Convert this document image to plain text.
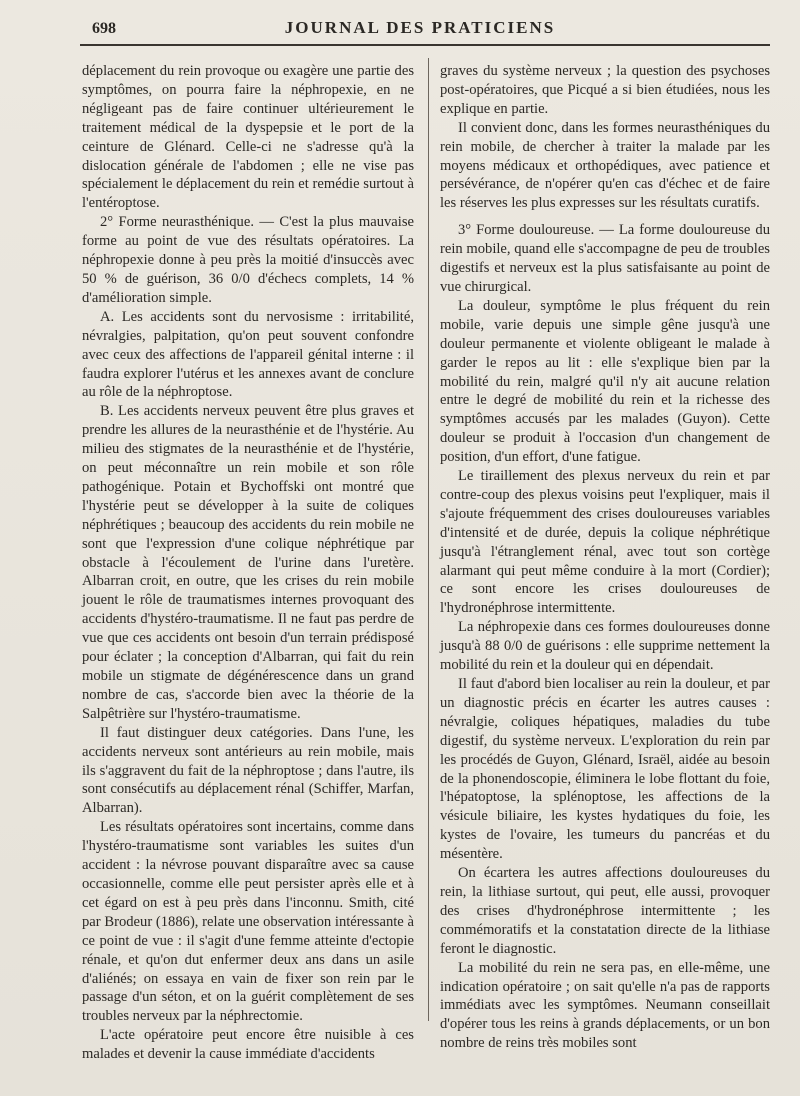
698	JOURNAL DES PRATICIENS

déplacement du rein provoque ou exagère une partie des symptômes, on pourra faire la néphropexie, en ne négligeant pas de faire continuer ultérieurement le traitement médical de la dyspepsie et le port de la ceinture de Glénard. Celle-ci ne s'adresse qu'à la dislocation générale de l'abdomen ; elle ne vise pas spécialement le déplacement du rein et remédie surtout à l'entéroptose.

2° Forme neurasthénique. — C'est la plus mauvaise forme au point de vue des résultats opératoires. La néphropexie donne à peu près la moitié d'insuccès avec 50 % de guérison, 36 0/0 d'échecs complets, 14 % d'amélioration simple.

A. Les accidents sont du nervosisme : irritabilité, névralgies, palpitation, qu'on peut souvent confondre avec ceux des affections de l'appareil génital interne : il faudra explorer l'utérus et les annexes avant de conclure au rôle de la néphroptose.

B. Les accidents nerveux peuvent être plus graves et prendre les allures de la neurasthénie et de l'hystérie. Au milieu des stigmates de la neurasthénie et de l'hystérie, on peut méconnaître un rein mobile et son rôle pathogénique. Potain et Bychoffski ont montré que l'hystérie peut se développer à la suite de coliques néphrétiques ; beaucoup des accidents du rein mobile ne sont que l'expression d'une colique néphrétique par obstacle à l'écoulement de l'urine dans l'uretère. Albarran croit, en outre, que les crises du rein mobile jouent le rôle de traumatismes internes provoquant des accidents d'hystéro-traumatisme. Il ne faut pas perdre de vue que ces accidents ont besoin d'un terrain prédisposé pour éclater ; la conception d'Albarran, qui fait du rein mobile un stigmate de dégénérescence dans un grand nombre de cas, s'accorde bien avec la théorie de la Salpêtrière sur l'hystéro-traumatisme.

Il faut distinguer deux catégories. Dans l'une, les accidents nerveux sont antérieurs au rein mobile, mais ils s'aggravent du fait de la néphroptose ; dans l'autre, ils sont consécutifs au déplacement rénal (Schiffer, Marfan, Albarran).

Les résultats opératoires sont incertains, comme dans l'hystéro-traumatisme sont variables les suites d'un accident : la névrose pouvant disparaître avec sa cause occasionnelle, comme elle peut persister après elle et à cet égard on est à peu près dans l'inconnu. Smith, cité par Brodeur (1886), relate une observation intéressante à ce point de vue : il s'agit d'une femme atteinte d'ectopie rénale, et qu'on dut enfermer deux ans dans un asile d'aliénés; on essaya en vain de fixer son rein par le passage d'un séton, et on la guérit complètement de ses troubles nerveux par la néphrectomie.

L'acte opératoire peut encore être nuisible à ces malades et devenir la cause immédiate d'accidents

graves du système nerveux ; la question des psychoses post-opératoires, que Picqué a si bien étudiées, nous les explique en partie.

Il convient donc, dans les formes neurasthéniques du rein mobile, de chercher à traiter la malade par les moyens médicaux et orthopédiques, avec patience et persévérance, de n'opérer qu'en cas d'échec et de faire les réserves les plus expresses sur les résultats curatifs.

3° Forme douloureuse. — La forme douloureuse du rein mobile, quand elle s'accompagne de peu de troubles digestifs et nerveux est la plus satisfaisante au point de vue chirurgical.

La douleur, symptôme le plus fréquent du rein mobile, varie depuis une simple gêne jusqu'à une douleur permanente et violente obligeant le malade à garder le repos au lit : elle s'explique bien par la mobilité du rein, malgré qu'il n'y ait aucune relation entre le degré de mobilité du rein et la richesse des symptômes accusés par les malades (Guyon). Cette douleur se produit à l'occasion d'un changement de position, d'un effort, d'une fatigue.

Le tiraillement des plexus nerveux du rein et par contre-coup des plexus voisins peut l'expliquer, mais il s'ajoute fréquemment des crises douloureuses variables d'intensité et de durée, depuis la colique néphrétique jusqu'à l'étranglement rénal, avec tout son cortège alarmant qui peut même conduire à la mort (Cordier); ce sont encore les crises douloureuses de l'hydronéphrose intermittente.

La néphropexie dans ces formes douloureuses donne jusqu'à 88 0/0 de guérisons : elle supprime nettement la mobilité du rein et la douleur qui en dépendait.

Il faut d'abord bien localiser au rein la douleur, et par un diagnostic précis en écarter les autres causes : névralgie, coliques hépatiques, maladies du tube digestif, du système nerveux. L'exploration du rein par les procédés de Guyon, Glénard, Israël, aidée au besoin de la phonendoscopie, éliminera le lobe flottant du foie, l'hépatoptose, la splénoptose, les affections de la vésicule biliaire, les kystes hydatiques du foie, les kystes de l'ovaire, les tumeurs du pancréas et du mésentère.

On écartera les autres affections douloureuses du rein, la lithiase surtout, qui peut, elle aussi, provoquer des crises d'hydronéphrose intermittente ; les commémoratifs et la constatation directe de la lithiase feront le diagnostic.

La mobilité du rein ne sera pas, en elle-même, une indication opératoire ; on sait qu'elle n'a pas de rapports immédiats avec les symptômes. Neumann conseillait d'opérer tous les reins à grands déplacements, or un bon nombre de reins très mobiles sont
